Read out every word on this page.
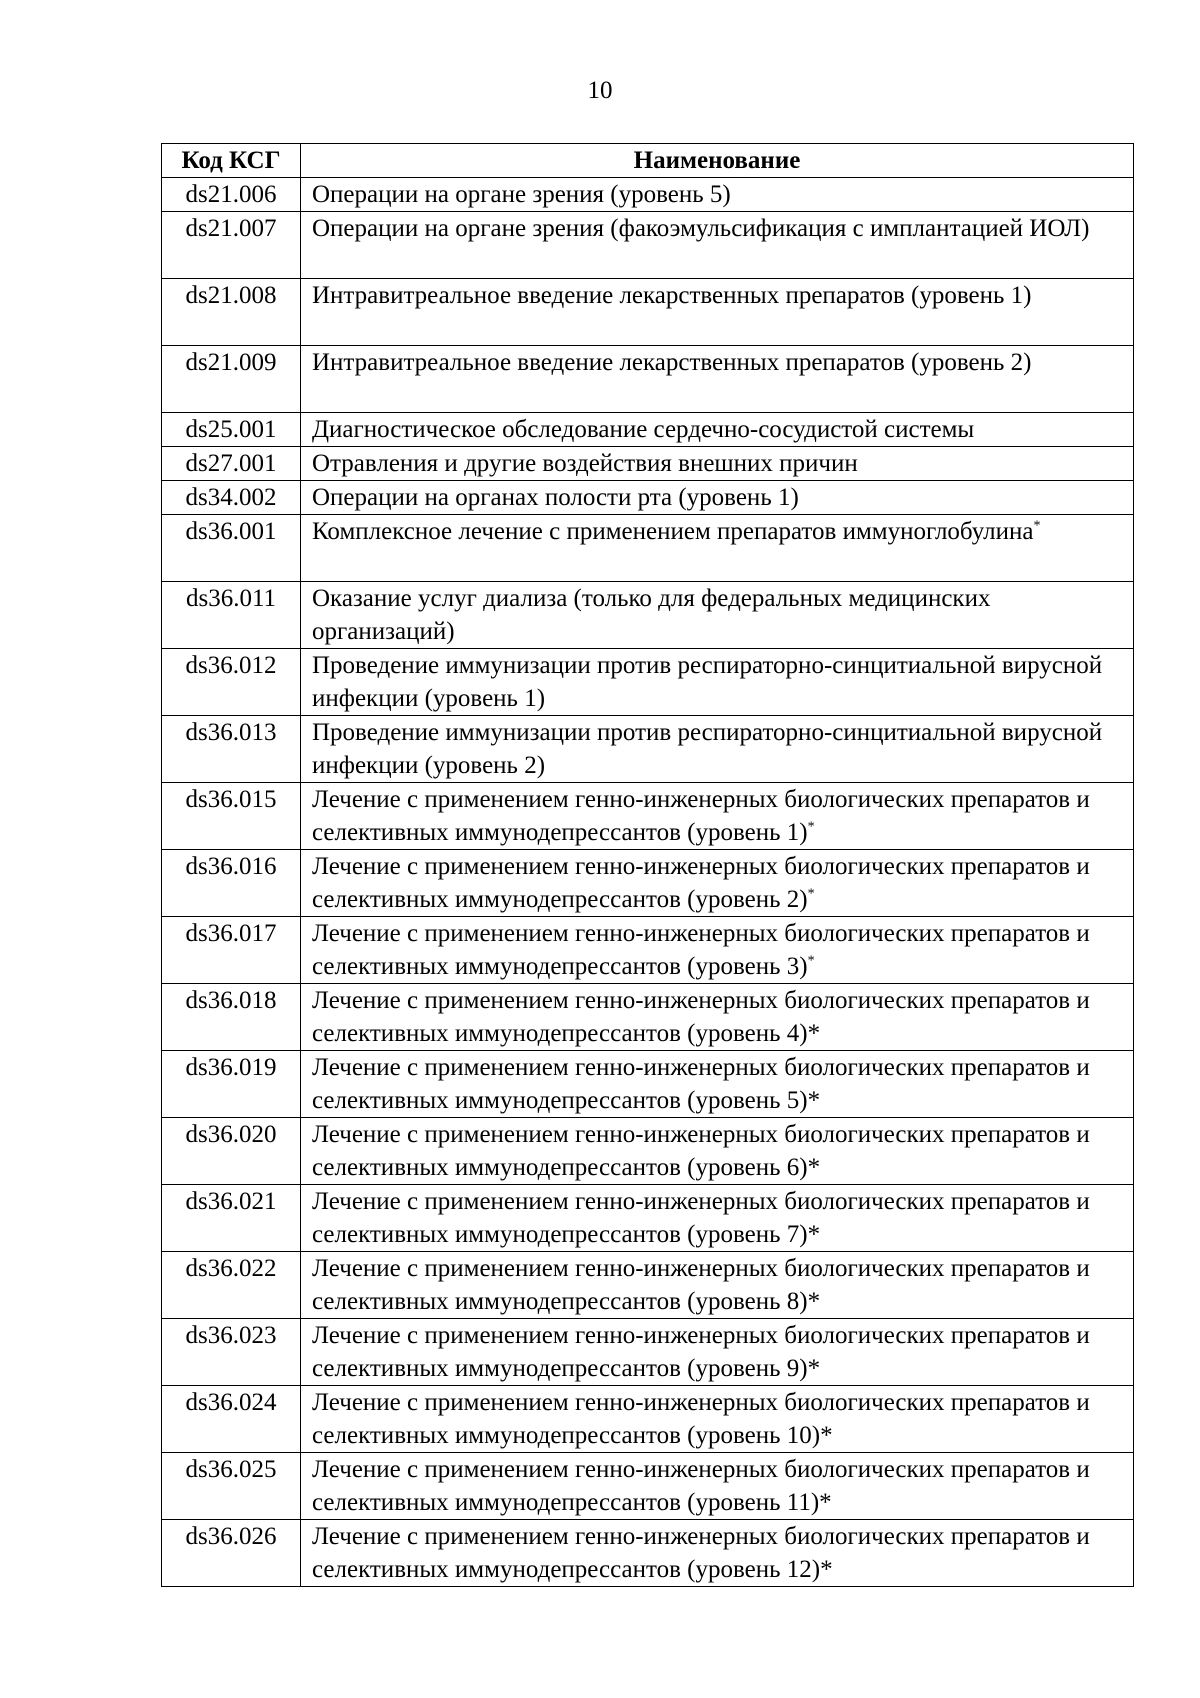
10
Код КСГ	Наименование
ds21.006	Операции на органе зрения (уровень 5)
ds21.007	Операции на органе зрения (факоэмульсификация с имплантацией ИОЛ)
ds21.008	Интравитреальное введение лекарственных препаратов (уровень 1)
ds21.009	Интравитреальное введение лекарственных препаратов (уровень 2)
ds25.001	Диагностическое обследование сердечно-сосудистой системы
ds27.001	Отравления и другие воздействия внешних причин
ds34.002	Операции на органах полости рта (уровень 1)
ds36.001	Комплексное лечение с применением препаратов иммуноглобулина*
ds36.011	Оказание услуг диализа (только для федеральных медицинских организаций)
ds36.012	Проведение иммунизации против респираторно-синцитиальной вирусной инфекции (уровень 1)
ds36.013	Проведение иммунизации против респираторно-синцитиальной вирусной инфекции (уровень 2)
ds36.015	Лечение с применением генно-инженерных биологических препаратов и селективных иммунодепрессантов (уровень 1)*
ds36.016	Лечение с применением генно-инженерных биологических препаратов и селективных иммунодепрессантов (уровень 2)*
ds36.017	Лечение с применением генно-инженерных биологических препаратов и селективных иммунодепрессантов (уровень 3)*
ds36.018	Лечение с применением генно-инженерных биологических препаратов и селективных иммунодепрессантов (уровень 4)*
ds36.019	Лечение с применением генно-инженерных биологических препаратов и селективных иммунодепрессантов (уровень 5)*
ds36.020	Лечение с применением генно-инженерных биологических препаратов и селективных иммунодепрессантов (уровень 6)*
ds36.021	Лечение с применением генно-инженерных биологических препаратов и селективных иммунодепрессантов (уровень 7)*
ds36.022	Лечение с применением генно-инженерных биологических препаратов и селективных иммунодепрессантов (уровень 8)*
ds36.023	Лечение с применением генно-инженерных биологических препаратов и селективных иммунодепрессантов (уровень 9)*
ds36.024	Лечение с применением генно-инженерных биологических препаратов и селективных иммунодепрессантов (уровень 10)*
ds36.025	Лечение с применением генно-инженерных биологических препаратов и селективных иммунодепрессантов (уровень 11)*
ds36.026	Лечение с применением генно-инженерных биологических препаратов и селективных иммунодепрессантов (уровень 12)*
